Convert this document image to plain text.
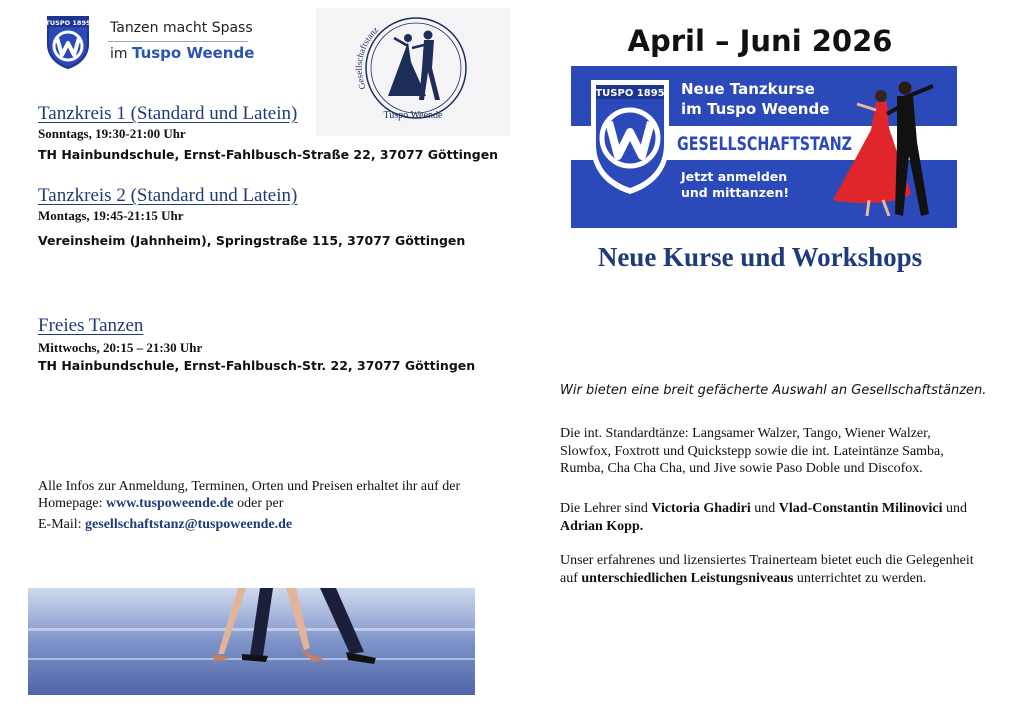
TUSPO 1895 Tanzen macht Spass
im Tuspo Weende
Gesellschaftstanz
Tuspo Weende
Tanzkreis 1 (Standard und Latein)
Sonntags, 19:30-21:00 Uhr
TH Hainbundschule, Ernst-Fahlbusch-Straße 22, 37077 Göttingen
Tanzkreis 2 (Standard und Latein)
Montags, 19:45-21:15 Uhr
Vereinsheim (Jahnheim), Springstraße 115, 37077 Göttingen
Freies Tanzen
Mittwochs, 20:15 – 21:30 Uhr
TH Hainbundschule, Ernst-Fahlbusch-Str. 22, 37077 Göttingen
Alle Infos zur Anmeldung, Terminen, Orten und Preisen erhaltet ihr auf der
Homepage: www.tuspoweende.de oder per
E-Mail: gesellschaftstanz@tuspoweende.de
April – Juni 2026
TUSPO 1895 Neue Tanzkurse
im Tuspo Weende
GESELLSCHAFTSTANZ
Jetzt anmelden
und mittanzen!
Neue Kurse und Workshops
Wir bieten eine breit gefächerte Auswahl an Gesellschaftstänzen.
Die int. Standardtänze: Langsamer Walzer, Tango, Wiener Walzer, Slowfox, Foxtrott und Quickstepp sowie die int. Lateintänze Samba, Rumba, Cha Cha Cha, und Jive sowie Paso Doble und Discofox.
Die Lehrer sind Victoria Ghadiri und Vlad-Constantin Milinovici und Adrian Kopp.
Unser erfahrenes und lizensiertes Trainerteam bietet euch die Gelegenheit auf unterschiedlichen Leistungsniveaus unterrichtet zu werden.
